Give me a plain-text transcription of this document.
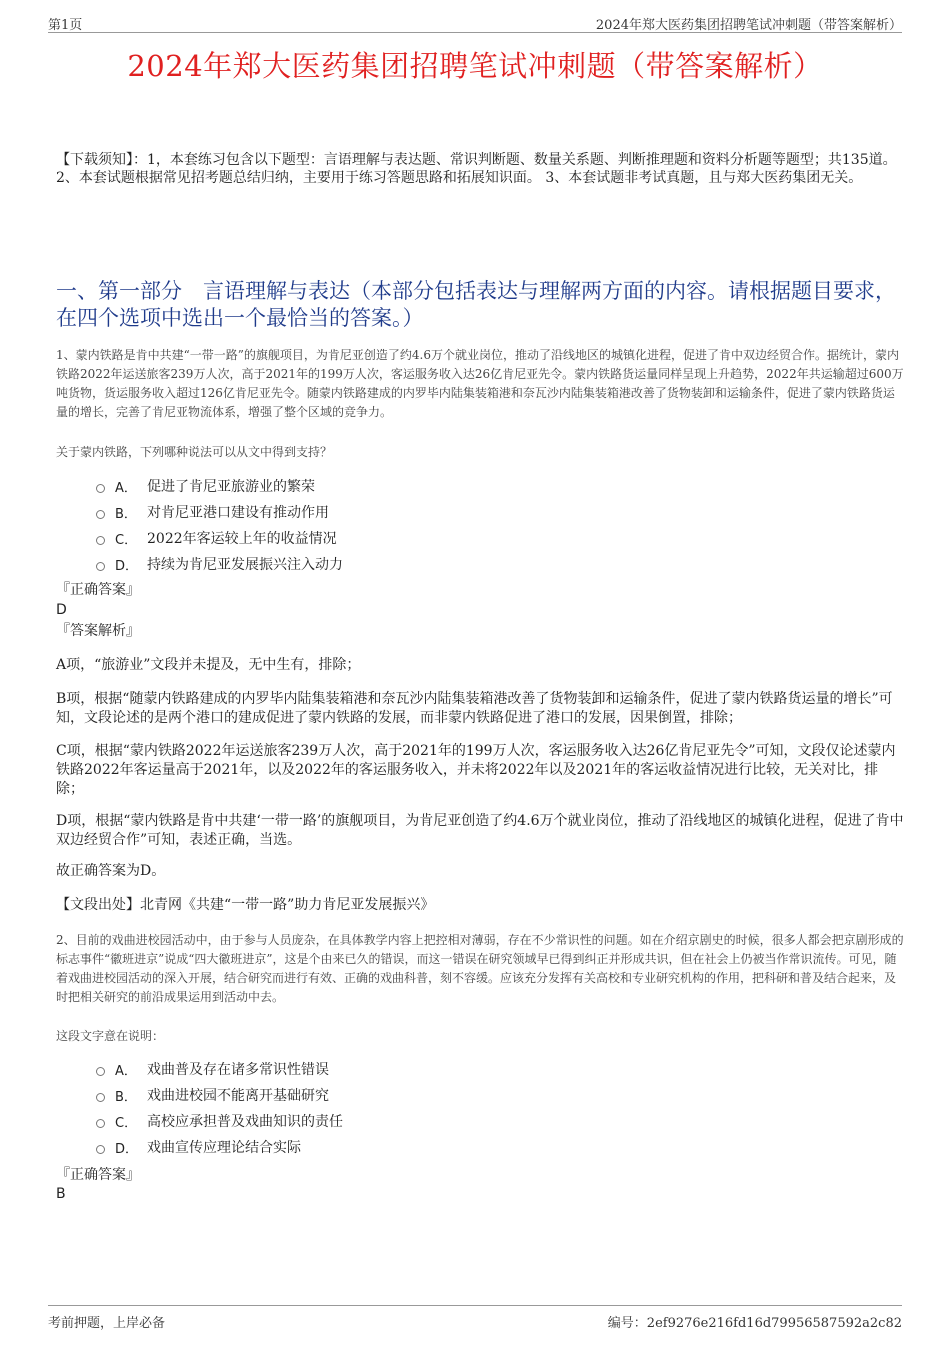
第1页	2024年郑大医药集团招聘笔试冲刺题（带答案解析）
2024年郑大医药集团招聘笔试冲刺题（带答案解析）
【下载须知】：1，本套练习包含以下题型：言语理解与表达题、常识判断题、数量关系题、判断推理题和资料分析题等题型；共135道。 2、本套试题根据常见招考题总结归纳，主要用于练习答题思路和拓展知识面。 3、本套试题非考试真题，且与郑大医药集团无关。
一、第一部分　言语理解与表达（本部分包括表达与理解两方面的内容。请根据题目要求，在四个选项中选出一个最恰当的答案。）
1、蒙内铁路是肯中共建“一带一路”的旗舰项目，为肯尼亚创造了约4.6万个就业岗位，推动了沿线地区的城镇化进程，促进了肯中双边经贸合作。据统计，蒙内铁路2022年运送旅客239万人次，高于2021年的199万人次，客运服务收入达26亿肯尼亚先令。蒙内铁路货运量同样呈现上升趋势，2022年共运输超过600万吨货物，货运服务收入超过126亿肯尼亚先令。随蒙内铁路建成的内罗毕内陆集装箱港和奈瓦沙内陆集装箱港改善了货物装卸和运输条件，促进了蒙内铁路货运量的增长，完善了肯尼亚物流体系，增强了整个区域的竞争力。
关于蒙内铁路，下列哪种说法可以从文中得到支持？
A． 促进了肯尼亚旅游业的繁荣
B． 对肯尼亚港口建设有推动作用
C． 2022年客运较上年的收益情况
D． 持续为肯尼亚发展振兴注入动力
『正确答案』
D
『答案解析』
A项，“旅游业”文段并未提及，无中生有，排除；
B项，根据“随蒙内铁路建成的内罗毕内陆集装箱港和奈瓦沙内陆集装箱港改善了货物装卸和运输条件，促进了蒙内铁路货运量的增长”可知，文段论述的是两个港口的建成促进了蒙内铁路的发展，而非蒙内铁路促进了港口的发展，因果倒置，排除；
C项，根据“蒙内铁路2022年运送旅客239万人次，高于2021年的199万人次，客运服务收入达26亿肯尼亚先令”可知，文段仅论述蒙内铁路2022年客运量高于2021年，以及2022年的客运服务收入，并未将2022年以及2021年的客运收益情况进行比较，无关对比，排除；
D项，根据“蒙内铁路是肯中共建‘一带一路’的旗舰项目，为肯尼亚创造了约4.6万个就业岗位，推动了沿线地区的城镇化进程，促进了肯中双边经贸合作”可知，表述正确，当选。
故正确答案为D。
【文段出处】北青网《共建“一带一路”助力肯尼亚发展振兴》
2、目前的戏曲进校园活动中，由于参与人员庞杂，在具体教学内容上把控相对薄弱，存在不少常识性的问题。如在介绍京剧史的时候，很多人都会把京剧形成的标志事件“徽班进京”说成“四大徽班进京”，这是个由来已久的错误，而这一错误在研究领域早已得到纠正并形成共识，但在社会上仍被当作常识流传。可见，随着戏曲进校园活动的深入开展，结合研究而进行有效、正确的戏曲科普，刻不容缓。应该充分发挥有关高校和专业研究机构的作用，把科研和普及结合起来，及时把相关研究的前沿成果运用到活动中去。
这段文字意在说明：
A． 戏曲普及存在诸多常识性错误
B． 戏曲进校园不能离开基础研究
C． 高校应承担普及戏曲知识的责任
D． 戏曲宣传应理论结合实际
『正确答案』
B
考前押题，上岸必备	编号：2ef9276e216fd16d79956587592a2c82
